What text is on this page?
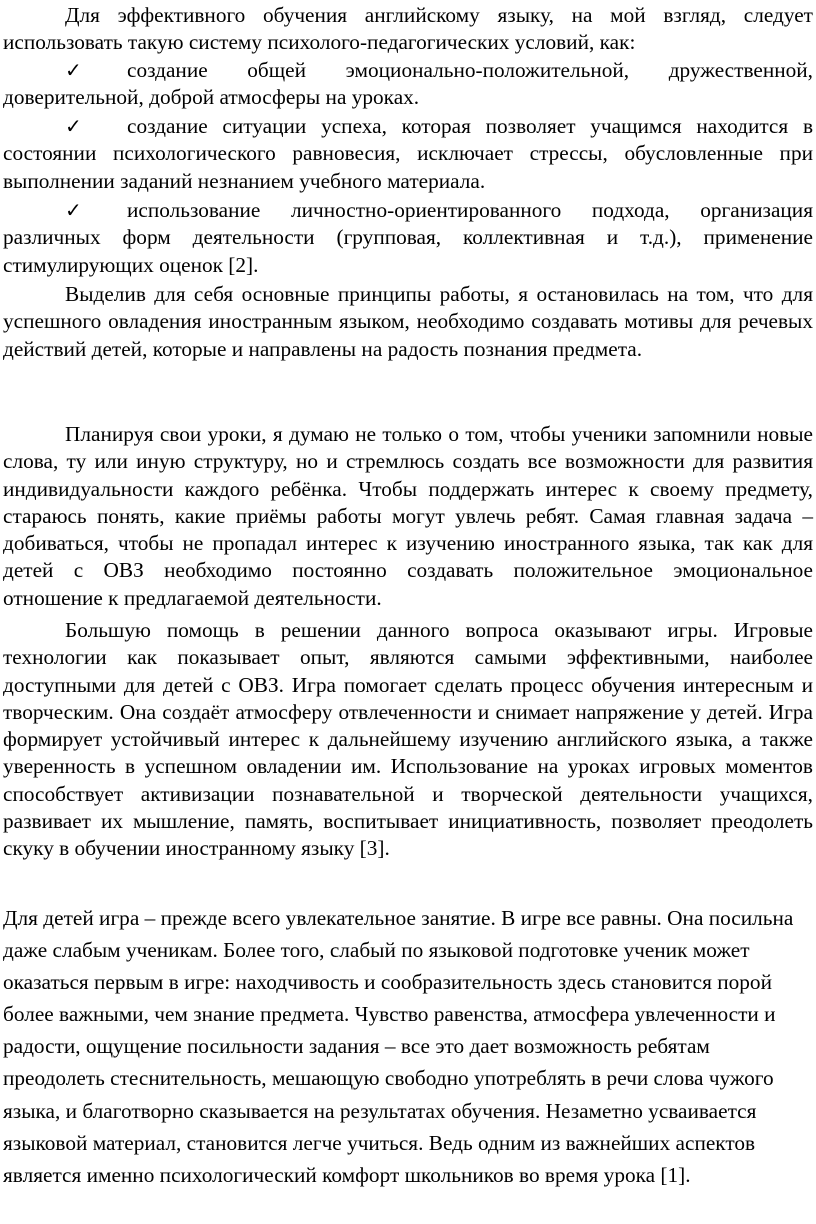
Для эффективного обучения английскому языку, на мой взгляд, следует использовать такую систему психолого-педагогических условий, как:

✓ создание общей эмоционально-положительной, дружественной, доверительной, доброй атмосферы на уроках.

✓ создание ситуации успеха, которая позволяет учащимся находится в состоянии психологического равновесия, исключает стрессы, обусловленные при выполнении заданий незнанием учебного материала.

✓ использование личностно-ориентированного подхода, организация различных форм деятельности (групповая, коллективная и т.д.), применение стимулирующих оценок [2].

Выделив для себя основные принципы работы, я остановилась на том, что для успешного овладения иностранным языком, необходимо создавать мотивы для речевых действий детей, которые и направлены на радость познания предмета.

Планируя свои уроки, я думаю не только о том, чтобы ученики запомнили новые слова, ту или иную структуру, но и стремлюсь создать все возможности для развития индивидуальности каждого ребёнка. Чтобы поддержать интерес к своему предмету, стараюсь понять, какие приёмы работы могут увлечь ребят. Самая главная задача – добиваться, чтобы не пропадал интерес к изучению иностранного языка, так как для детей с ОВЗ необходимо постоянно создавать положительное эмоциональное отношение к предлагаемой деятельности.

Большую помощь в решении данного вопроса оказывают игры. Игровые технологии как показывает опыт, являются самыми эффективными, наиболее доступными для детей с ОВЗ. Игра помогает сделать процесс обучения интересным и творческим. Она создаёт атмосферу отвлеченности и снимает напряжение у детей. Игра формирует устойчивый интерес к дальнейшему изучению английского языка, а также уверенность в успешном овладении им. Использование на уроках игровых моментов способствует активизации познавательной и творческой деятельности учащихся, развивает их мышление, память, воспитывает инициативность, позволяет преодолеть скуку в обучении иностранному языку [3].

Для детей игра – прежде всего увлекательное занятие. В игре все равны. Она посильна даже слабым ученикам. Более того, слабый по языковой подготовке ученик может оказаться первым в игре: находчивость и сообразительность здесь становится порой более важными, чем знание предмета. Чувство равенства, атмосфера увлеченности и радости, ощущение посильности задания – все это дает возможность ребятам преодолеть стеснительность, мешающую свободно употреблять в речи слова чужого языка, и благотворно сказывается на результатах обучения. Незаметно усваивается языковой материал, становится легче учиться. Ведь одним из важнейших аспектов является именно психологический комфорт школьников во время урока [1].
